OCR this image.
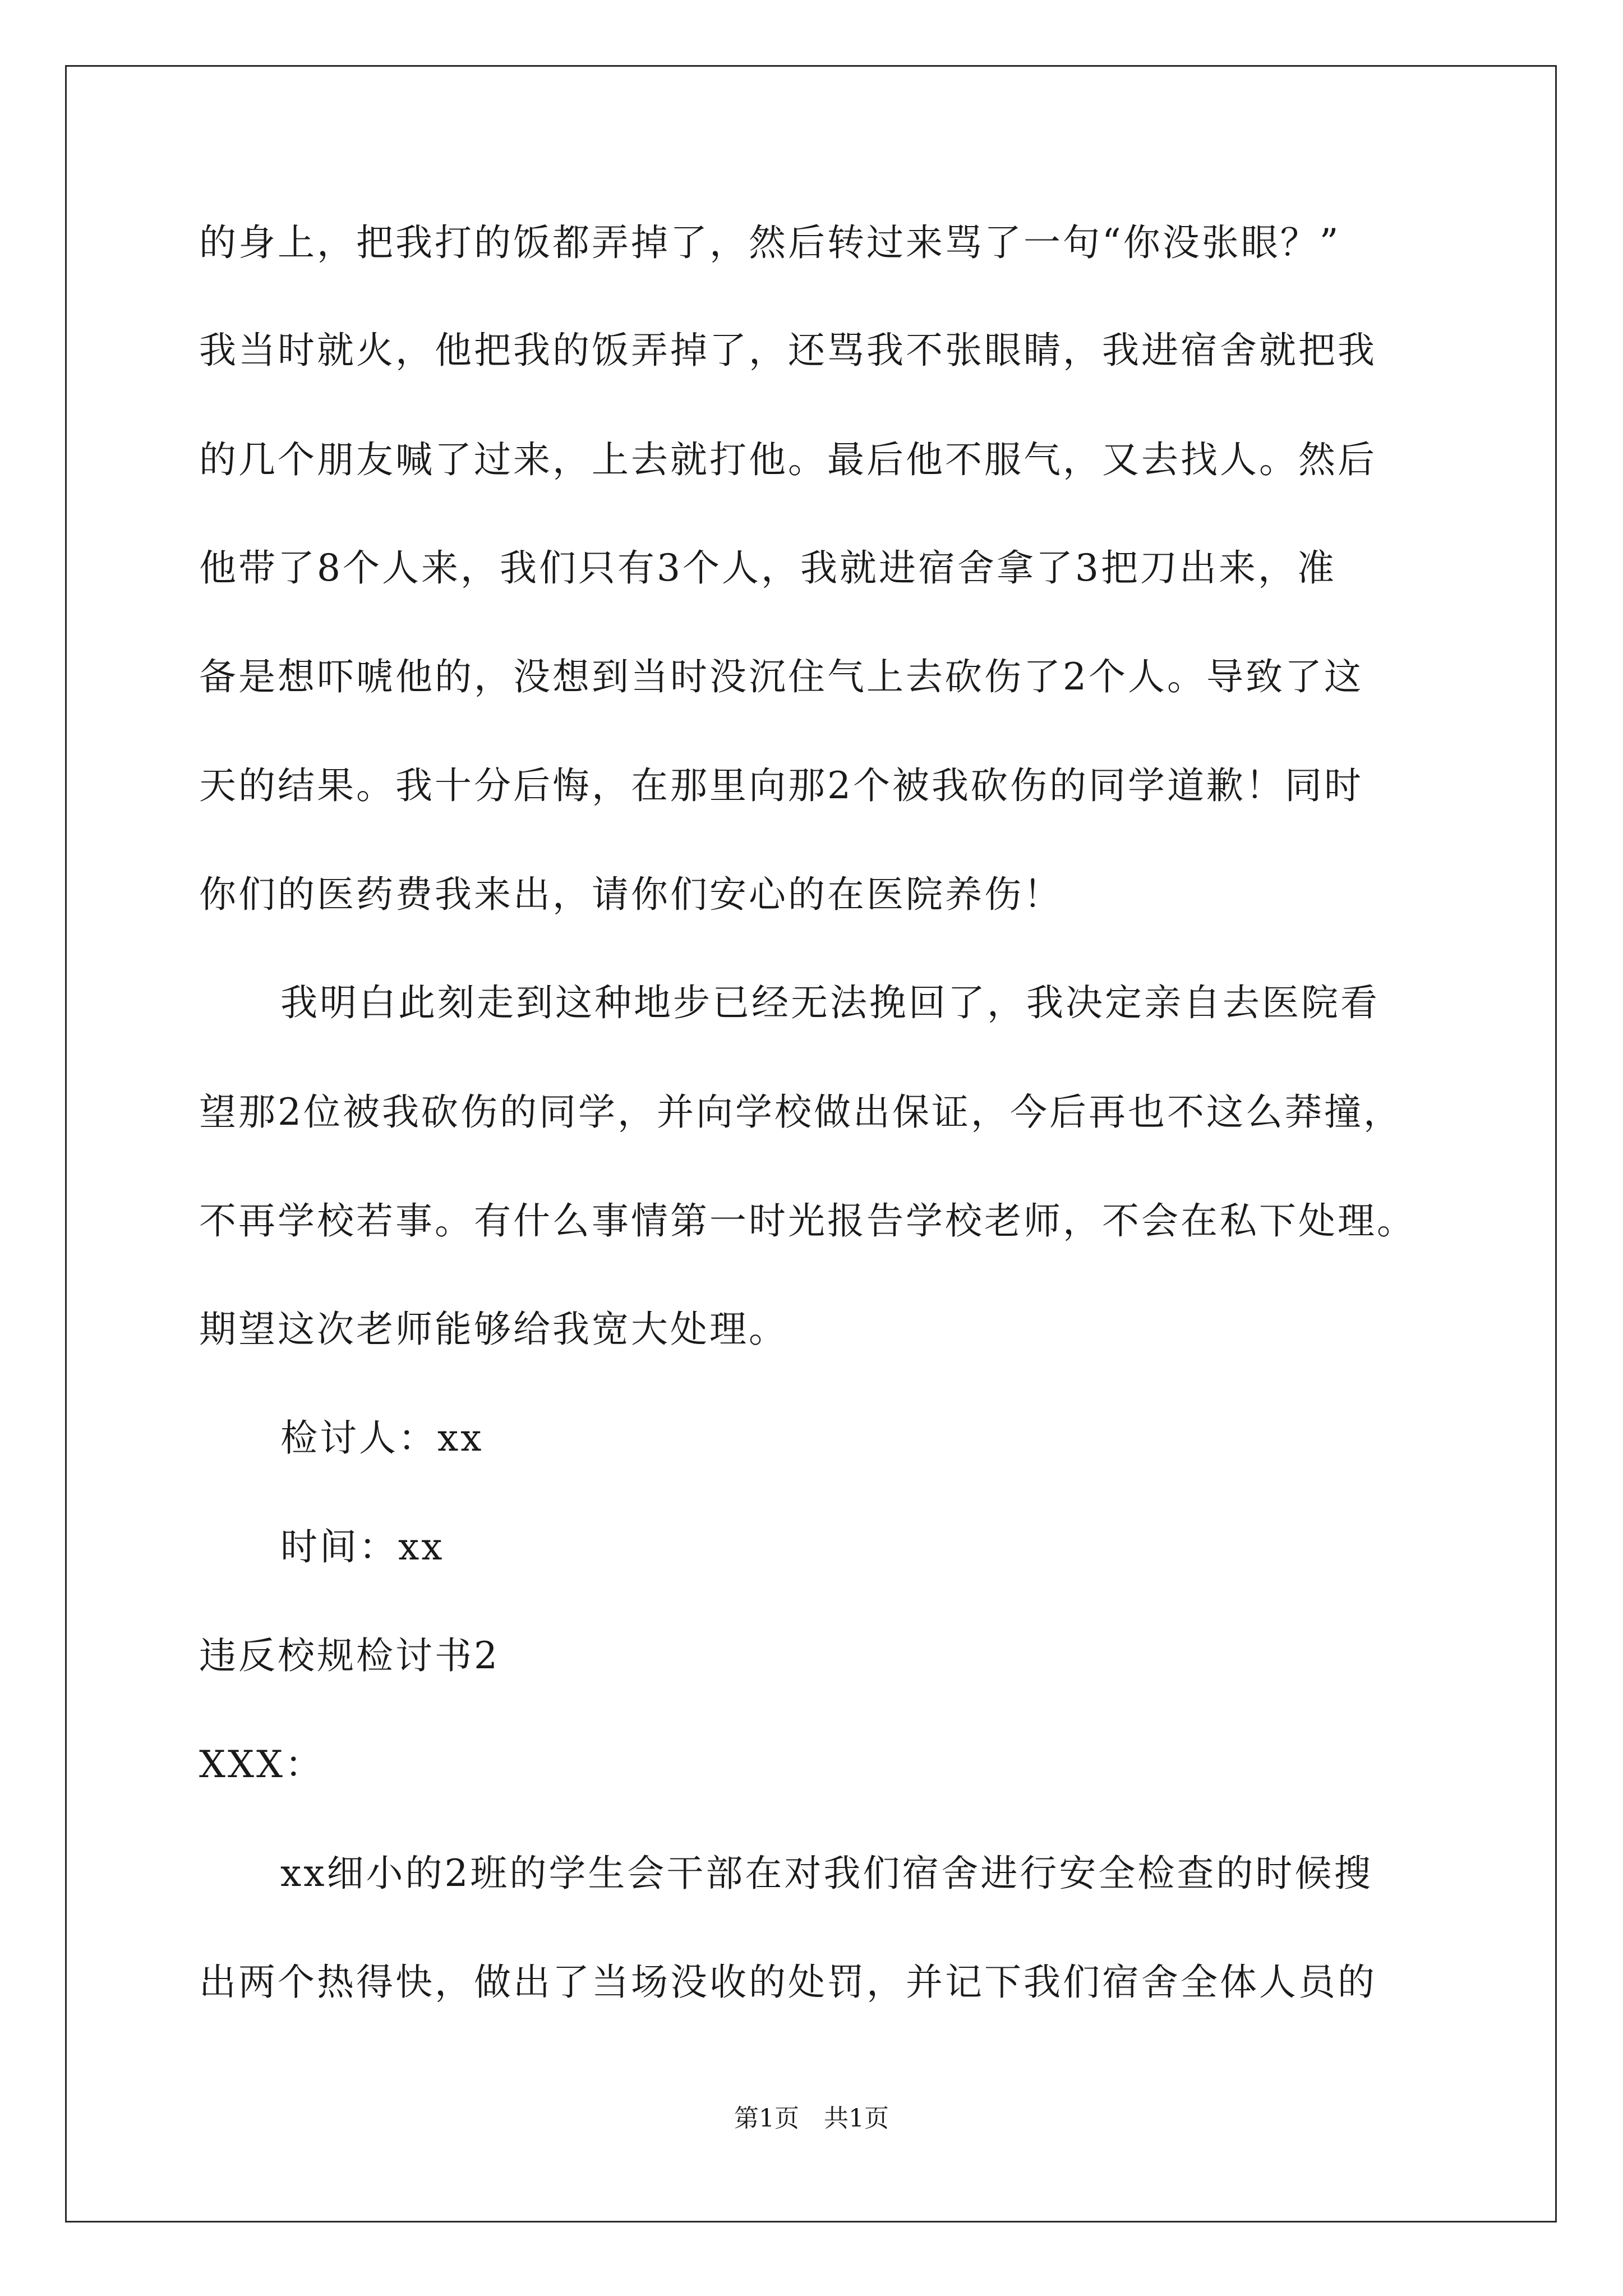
的身上，把我打的饭都弄掉了，然后转过来骂了一句“你没张眼？”
我当时就火，他把我的饭弄掉了，还骂我不张眼睛，我进宿舍就把我
的几个朋友喊了过来，上去就打他。最后他不服气，又去找人。然后
他带了8个人来，我们只有3个人，我就进宿舍拿了3把刀出来，准
备是想吓唬他的，没想到当时没沉住气上去砍伤了2个人。导致了这
天的结果。我十分后悔，在那里向那2个被我砍伤的同学道歉！同时
你们的医药费我来出，请你们安心的在医院养伤！
我明白此刻走到这种地步已经无法挽回了，我决定亲自去医院看
望那2位被我砍伤的同学，并向学校做出保证，今后再也不这么莽撞，
不再学校若事。有什么事情第一时光报告学校老师，不会在私下处理。
期望这次老师能够给我宽大处理。
检讨人：xx
时间：xx
违反校规检讨书2
XXX：
xx细小的2班的学生会干部在对我们宿舍进行安全检查的时候搜
出两个热得快，做出了当场没收的处罚，并记下我们宿舍全体人员的
第1页　共1页
